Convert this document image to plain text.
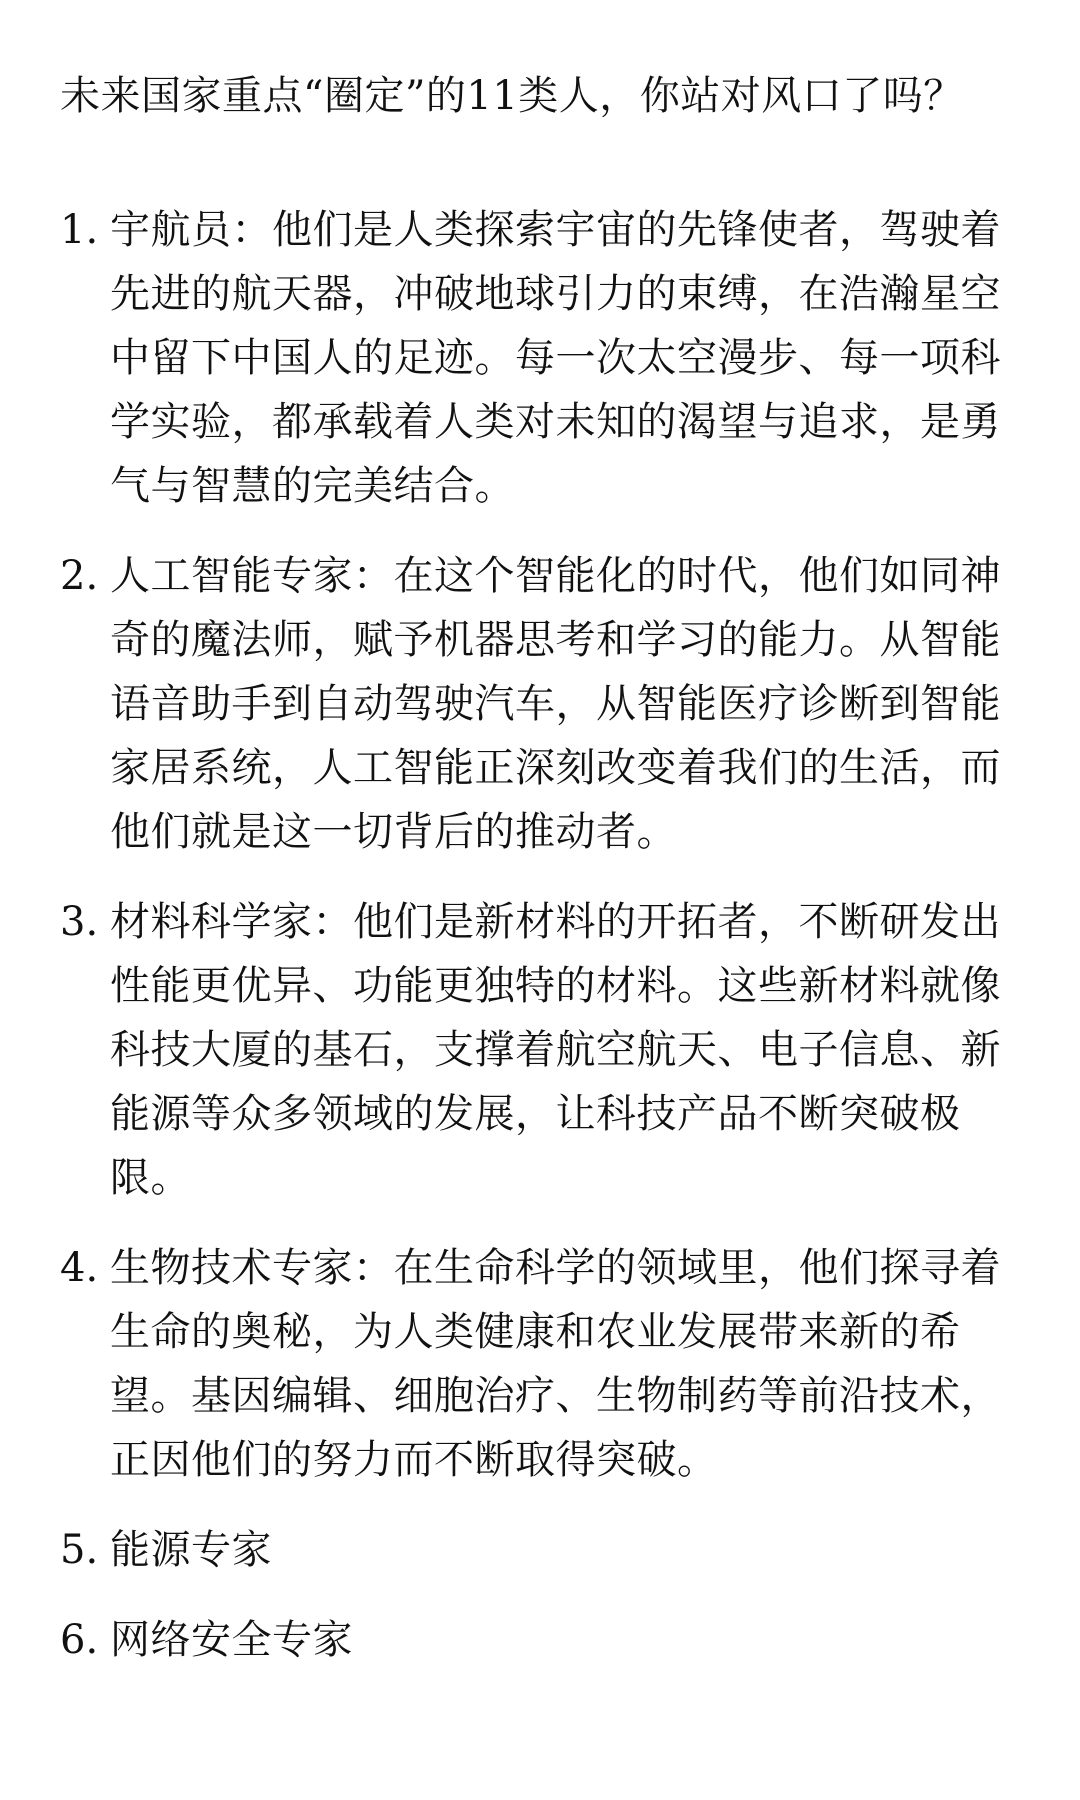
未来国家重点“圈定”的11类人，你站对风口了吗？
1. 宇航员：他们是人类探索宇宙的先锋使者，驾驶着先进的航天器，冲破地球引力的束缚，在浩瀚星空中留下中国人的足迹。每一次太空漫步、每一项科学实验，都承载着人类对未知的渴望与追求，是勇气与智慧的完美结合。

2. 人工智能专家：在这个智能化的时代，他们如同神奇的魔法师，赋予机器思考和学习的能力。从智能语音助手到自动驾驶汽车，从智能医疗诊断到智能家居系统，人工智能正深刻改变着我们的生活，而他们就是这一切背后的推动者。

3. 材料科学家：他们是新材料的开拓者，不断研发出性能更优异、功能更独特的材料。这些新材料就像科技大厦的基石，支撑着航空航天、电子信息、新能源等众多领域的发展，让科技产品不断突破极限。

4. 生物技术专家：在生命科学的领域里，他们探寻着生命的奥秘，为人类健康和农业发展带来新的希望。基因编辑、细胞治疗、生物制药等前沿技术，正因他们的努力而不断取得突破。

5. 能源专家

6. 网络安全专家
